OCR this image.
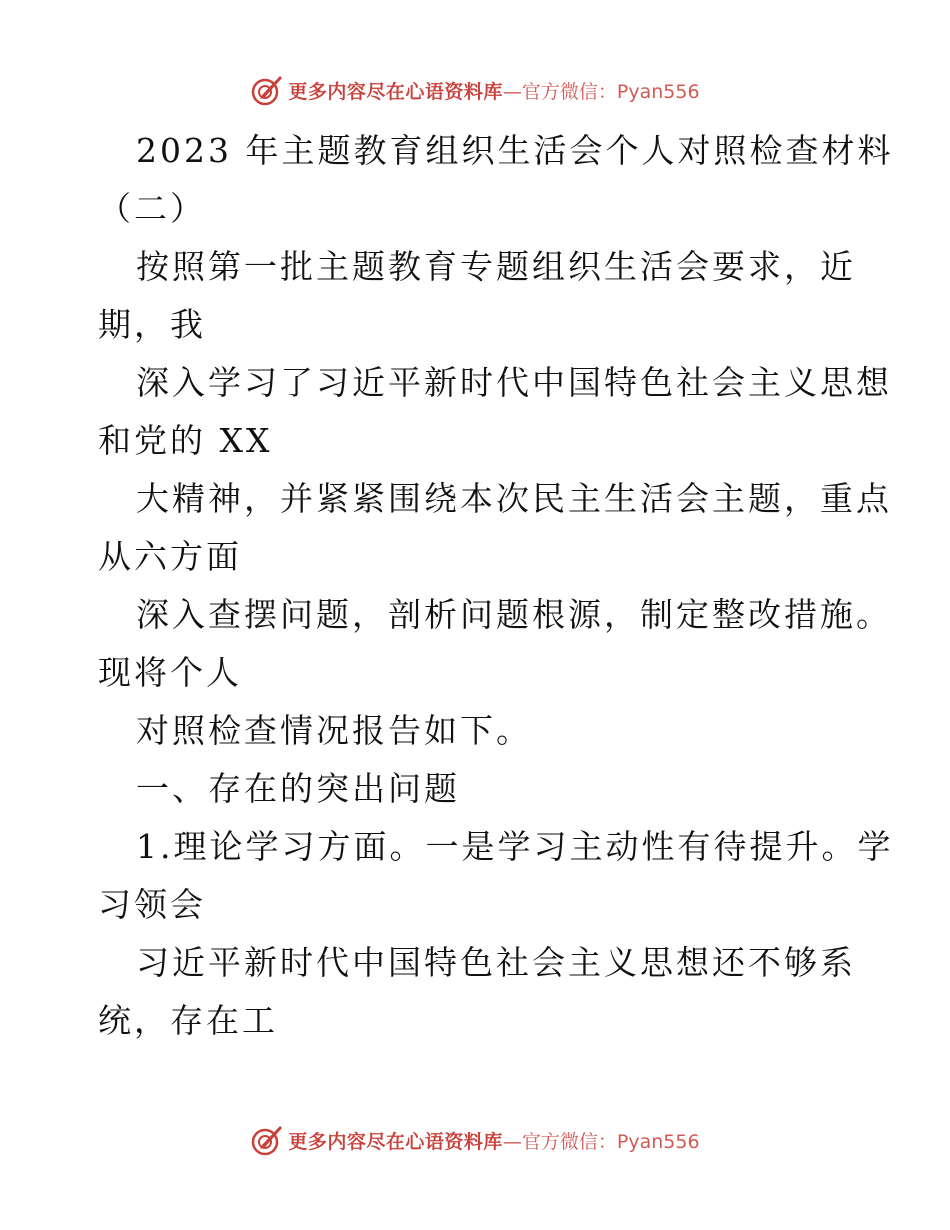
更多内容尽在心语资料库 —官方微信：Pyan556

2023 年主题教育组织生活会个人对照检查材料

（二）

按照第一批主题教育专题组织生活会要求，近

期，我

深入学习了习近平新时代中国特色社会主义思想

和党的 XX

大精神，并紧紧围绕本次民主生活会主题，重点

从六方面

深入查摆问题，剖析问题根源，制定整改措施。

现将个人

对照检查情况报告如下。

一、存在的突出问题

1.理论学习方面。一是学习主动性有待提升。学

习领会

习近平新时代中国特色社会主义思想还不够系

统，存在工

更多内容尽在心语资料库 —官方微信：Pyan556
